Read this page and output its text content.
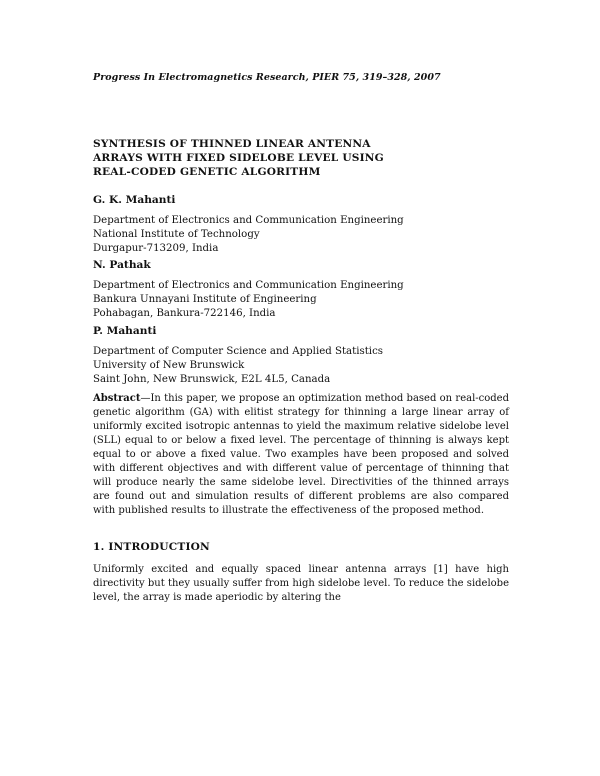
Progress In Electromagnetics Research, PIER 75, 319–328, 2007
SYNTHESIS OF THINNED LINEAR ANTENNA
ARRAYS WITH FIXED SIDELOBE LEVEL USING
REAL-CODED GENETIC ALGORITHM
G. K. Mahanti
Department of Electronics and Communication Engineering
National Institute of Technology
Durgapur-713209, India
N. Pathak
Department of Electronics and Communication Engineering
Bankura Unnayani Institute of Engineering
Pohabagan, Bankura-722146, India
P. Mahanti
Department of Computer Science and Applied Statistics
University of New Brunswick
Saint John, New Brunswick, E2L 4L5, Canada
Abstract—In this paper, we propose an optimization method based on real-coded genetic algorithm (GA) with elitist strategy for thinning a large linear array of uniformly excited isotropic antennas to yield the maximum relative sidelobe level (SLL) equal to or below a fixed level. The percentage of thinning is always kept equal to or above a fixed value. Two examples have been proposed and solved with different objectives and with different value of percentage of thinning that will produce nearly the same sidelobe level. Directivities of the thinned arrays are found out and simulation results of different problems are also compared with published results to illustrate the effectiveness of the proposed method.
1. INTRODUCTION
Uniformly excited and equally spaced linear antenna arrays [1] have high directivity but they usually suffer from high sidelobe level. To reduce the sidelobe level, the array is made aperiodic by altering the
